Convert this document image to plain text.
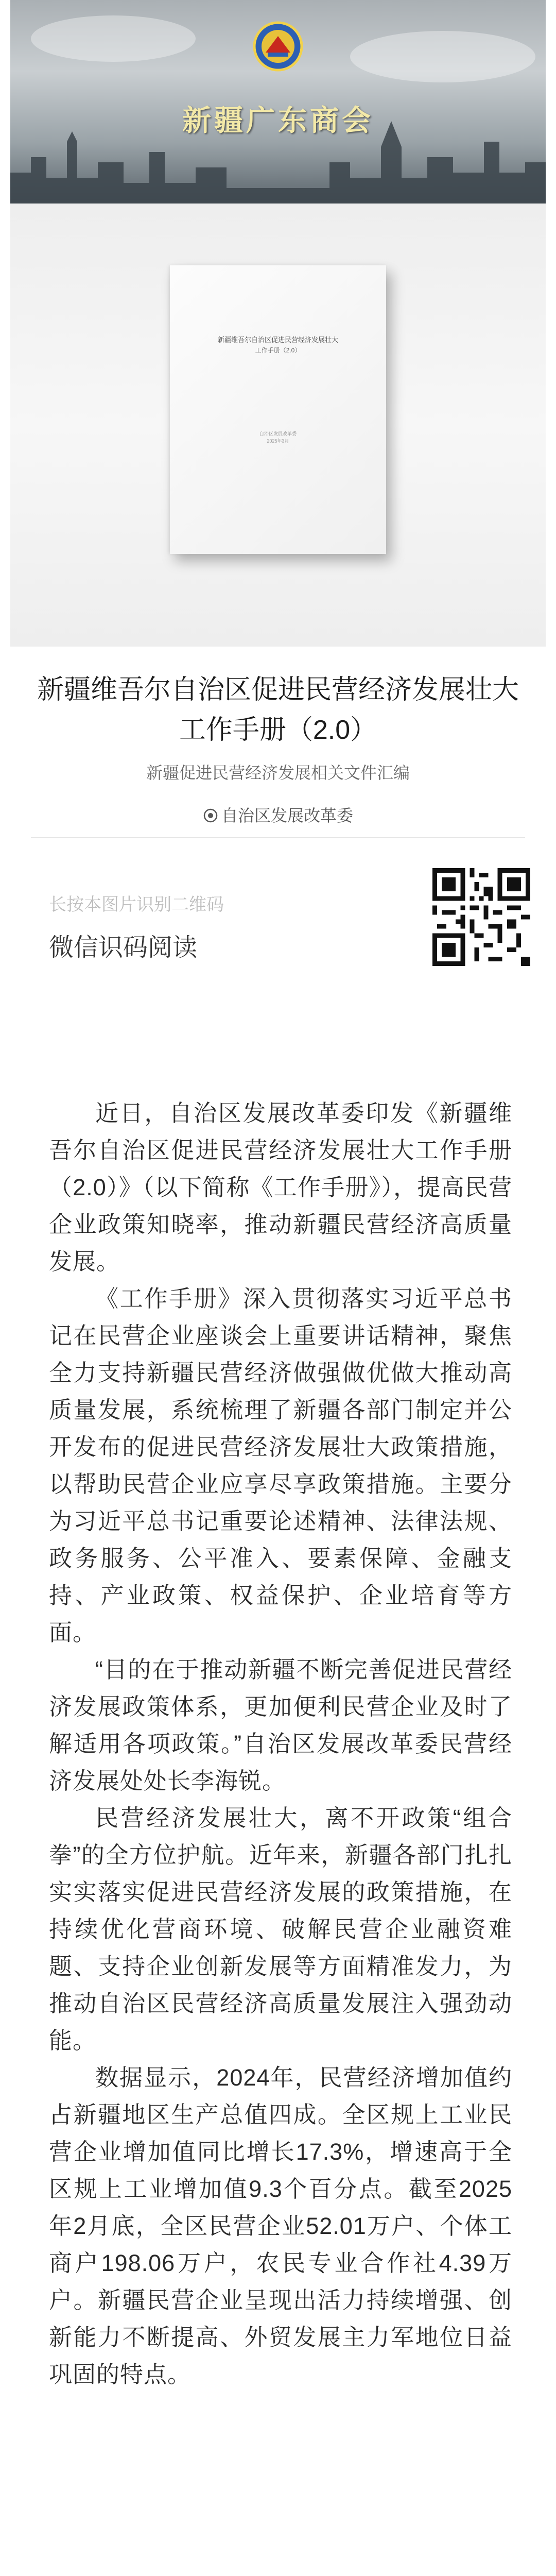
新疆广东商会
新疆维吾尔自治区促进民营经济发展壮大
工作手册（2.0）
自治区发展改革委
2025年3月
新疆维吾尔自治区促进民营经济发展壮大工作手册（2.0）
新疆促进民营经济发展相关文件汇编
自治区发展改革委
长按本图片识别二维码
微信识码阅读

近日，自治区发展改革委印发《新疆维吾尔自治区促进民营经济发展壮大工作手册（2.0）》（以下简称《工作手册》），提高民营企业政策知晓率，推动新疆民营经济高质量发展。

《工作手册》深入贯彻落实习近平总书记在民营企业座谈会上重要讲话精神，聚焦全力支持新疆民营经济做强做优做大推动高质量发展，系统梳理了新疆各部门制定并公开发布的促进民营经济发展壮大政策措施，以帮助民营企业应享尽享政策措施。主要分为习近平总书记重要论述精神、法律法规、政务服务、公平准入、要素保障、金融支持、产业政策、权益保护、企业培育等方面。

“目的在于推动新疆不断完善促进民营经济发展政策体系，更加便利民营企业及时了解适用各项政策。”自治区发展改革委民营经济发展处处长李海锐。

民营经济发展壮大，离不开政策“组合拳”的全方位护航。近年来，新疆各部门扎扎实实落实促进民营经济发展的政策措施，在持续优化营商环境、破解民营企业融资难题、支持企业创新发展等方面精准发力，为推动自治区民营经济高质量发展注入强劲动能。

数据显示，2024年，民营经济增加值约占新疆地区生产总值四成。全区规上工业民营企业增加值同比增长17.3%，增速高于全区规上工业增加值9.3个百分点。截至2025年2月底，全区民营企业52.01万户、个体工商户198.06万户，农民专业合作社4.39万户。新疆民营企业呈现出活力持续增强、创新能力不断提高、外贸发展主力军地位日益巩固的特点。
